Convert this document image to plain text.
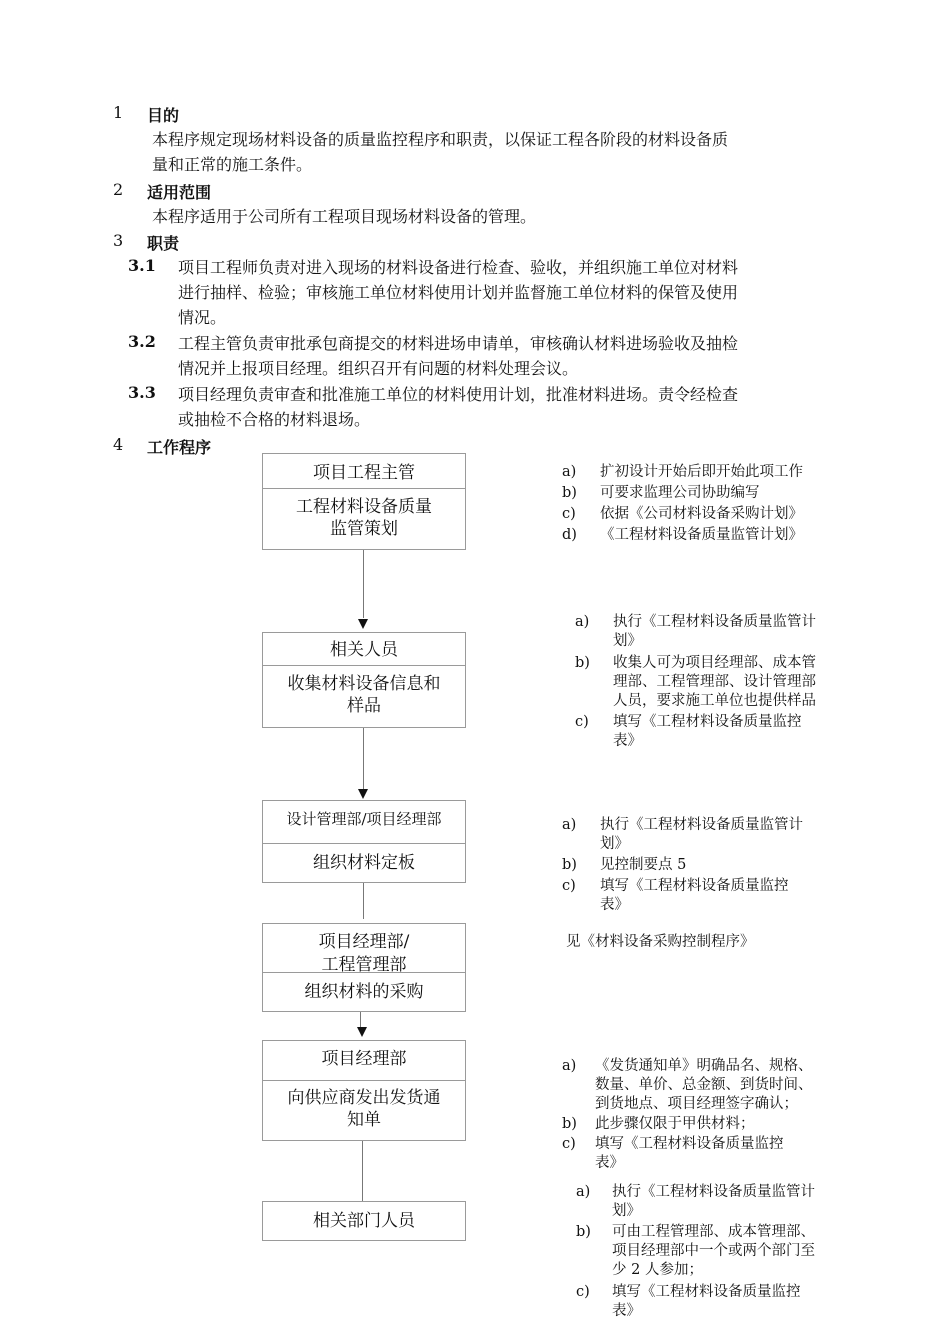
1 目的
本程序规定现场材料设备的质量监控程序和职责，以保证工程各阶段的材料设备质
量和正常的施工条件。
2 适用范围
本程序适用于公司所有工程项目现场材料设备的管理。
3 职责
3.1 项目工程师负责对进入现场的材料设备进行检查、验收，并组织施工单位对材料
进行抽样、检验；审核施工单位材料使用计划并监督施工单位材料的保管及使用
情况。
3.2 工程主管负责审批承包商提交的材料进场申请单，审核确认材料进场验收及抽检
情况并上报项目经理。组织召开有问题的材料处理会议。
3.3 项目经理负责审查和批准施工单位的材料使用计划，批准材料进场。责令经检查
或抽检不合格的材料退场。
4 工作程序
项目工程主管
工程材料设备质量
监管策划
相关人员
收集材料设备信息和
样品
设计管理部/项目经理部
组织材料定板
项目经理部/
工程管理部
组织材料的采购
项目经理部
向供应商发出发货通
知单
相关部门人员
a) 扩初设计开始后即开始此项工作
b) 可要求监理公司协助编写
c) 依据《公司材料设备采购计划》
d) 《工程材料设备质量监管计划》
a) 执行《工程材料设备质量监管计
划》
b) 收集人可为项目经理部、成本管
理部、工程管理部、设计管理部
人员，要求施工单位也提供样品
c) 填写《工程材料设备质量监控
表》
a) 执行《工程材料设备质量监管计
划》
b) 见控制要点 5
c) 填写《工程材料设备质量监控
表》
见《材料设备采购控制程序》
a) 《发货通知单》明确品名、规格、
数量、单价、总金额、到货时间、
到货地点、项目经理签字确认；
b) 此步骤仅限于甲供材料；
c) 填写《工程材料设备质量监控
表》
a) 执行《工程材料设备质量监管计
划》
b) 可由工程管理部、成本管理部、
项目经理部中一个或两个部门至
少 2 人参加；
c) 填写《工程材料设备质量监控
表》
